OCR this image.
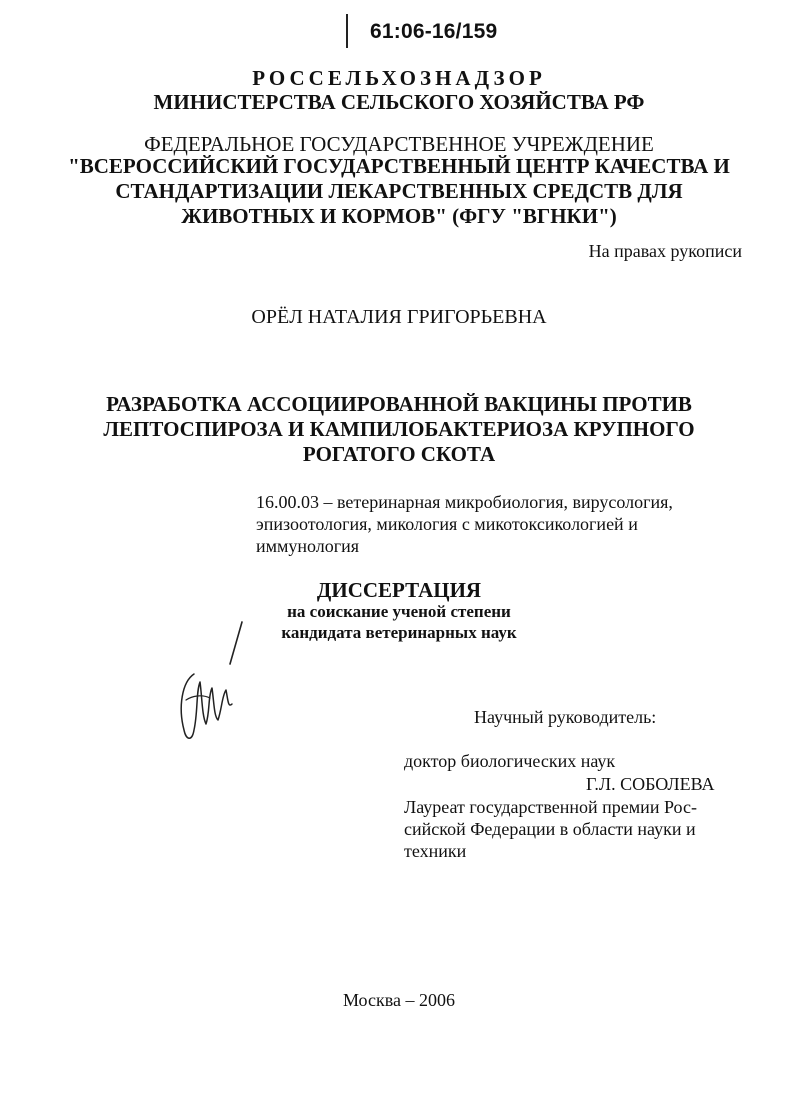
61:06-16/159
РОССЕЛЬХОЗНАДЗОР
МИНИСТЕРСТВА СЕЛЬСКОГО ХОЗЯЙСТВА РФ
ФЕДЕРАЛЬНОЕ ГОСУДАРСТВЕННОЕ УЧРЕЖДЕНИЕ
"ВСЕРОССИЙСКИЙ ГОСУДАРСТВЕННЫЙ ЦЕНТР КАЧЕСТВА И
СТАНДАРТИЗАЦИИ ЛЕКАРСТВЕННЫХ СРЕДСТВ ДЛЯ
ЖИВОТНЫХ И КОРМОВ" (ФГУ "ВГНКИ")
На правах рукописи
ОРЁЛ НАТАЛИЯ ГРИГОРЬЕВНА
РАЗРАБОТКА АССОЦИИРОВАННОЙ ВАКЦИНЫ ПРОТИВ
ЛЕПТОСПИРОЗА И КАМПИЛОБАКТЕРИОЗА КРУПНОГО
РОГАТОГО СКОТА
16.00.03 – ветеринарная микробиология, вирусология,
эпизоотология, микология с микотоксикологией и
иммунология
ДИССЕРТАЦИЯ
на соискание ученой степени
кандидата ветеринарных наук
Научный руководитель:
доктор биологических наук
Г.Л. СОБОЛЕВА
Лауреат государственной премии Рос-
сийской Федерации в области науки и
техники
Москва – 2006
